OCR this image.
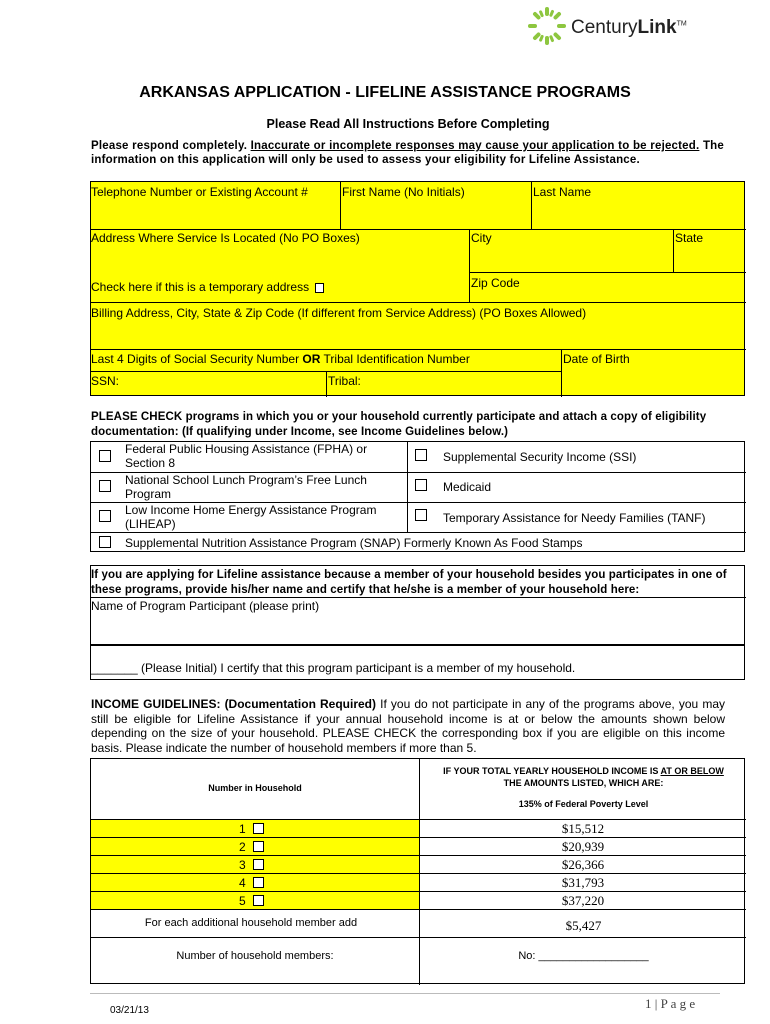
CenturyLink™
ARKANSAS APPLICATION - LIFELINE ASSISTANCE PROGRAMS
Please Read All Instructions Before Completing
Please respond completely. Inaccurate or incomplete responses may cause your application to be rejected. The information on this application will only be used to assess your eligibility for Lifeline Assistance.
Telephone Number or Existing Account #	First Name (No Initials)	Last Name
Address Where Service Is Located (No PO Boxes)	City	State
Check here if this is a temporary address	Zip Code
Billing Address, City, State & Zip Code (If different from Service Address) (PO Boxes Allowed)
Last 4 Digits of Social Security Number OR Tribal Identification Number	Date of Birth
SSN:	Tribal:
PLEASE CHECK programs in which you or your household currently participate and attach a copy of eligibility documentation: (If qualifying under Income, see Income Guidelines below.)
Federal Public Housing Assistance (FPHA) or Section 8	Supplemental Security Income (SSI)
National School Lunch Program’s Free Lunch Program	Medicaid
Low Income Home Energy Assistance Program (LIHEAP)	Temporary Assistance for Needy Families (TANF)
Supplemental Nutrition Assistance Program (SNAP) Formerly Known As Food Stamps
If you are applying for Lifeline assistance because a member of your household besides you participates in one of these programs, provide his/her name and certify that he/she is a member of your household here:
Name of Program Participant (please print)
_______ (Please Initial) I certify that this program participant is a member of my household.
INCOME GUIDELINES: (Documentation Required) If you do not participate in any of the programs above, you may still be eligible for Lifeline Assistance if your annual household income is at or below the amounts shown below depending on the size of your household. PLEASE CHECK the corresponding box if you are eligible on this income basis. Please indicate the number of household members if more than 5.
Number in Household
IF YOUR TOTAL YEARLY HOUSEHOLD INCOME IS AT OR BELOW THE AMOUNTS LISTED, WHICH ARE:
135% of Federal Poverty Level
1	$15,512
2	$20,939
3	$26,366
4	$31,793
5	$37,220
For each additional household member add	$5,427
Number of household members:	No: __________________
03/21/13	1 | P a g e
